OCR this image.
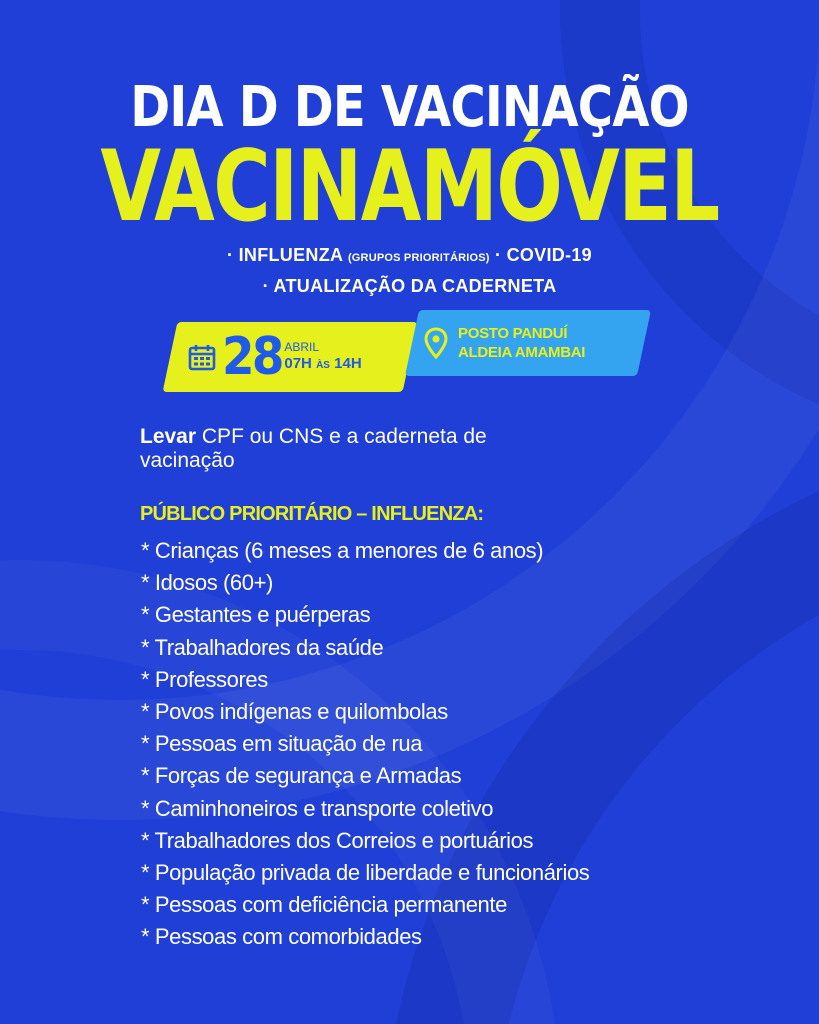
DIA D DE VACINAÇÃO
VACINAMÓVEL
· INFLUENZA (GRUPOS PRIORITÁRIOS) · COVID-19
· ATUALIZAÇÃO DA CADERNETA
28 ABRIL
07H ÀS 14H
POSTO PANDUÍ
ALDEIA AMAMBAI
Levar CPF ou CNS e a caderneta de vacinação
PÚBLICO PRIORITÁRIO – INFLUENZA:
* Crianças (6 meses a menores de 6 anos)
* Idosos (60+)
* Gestantes e puérperas
* Trabalhadores da saúde
* Professores
* Povos indígenas e quilombolas
* Pessoas em situação de rua
* Forças de segurança e Armadas
* Caminhoneiros e transporte coletivo
* Trabalhadores dos Correios e portuários
* População privada de liberdade e funcionários
* Pessoas com deficiência permanente
* Pessoas com comorbidades
